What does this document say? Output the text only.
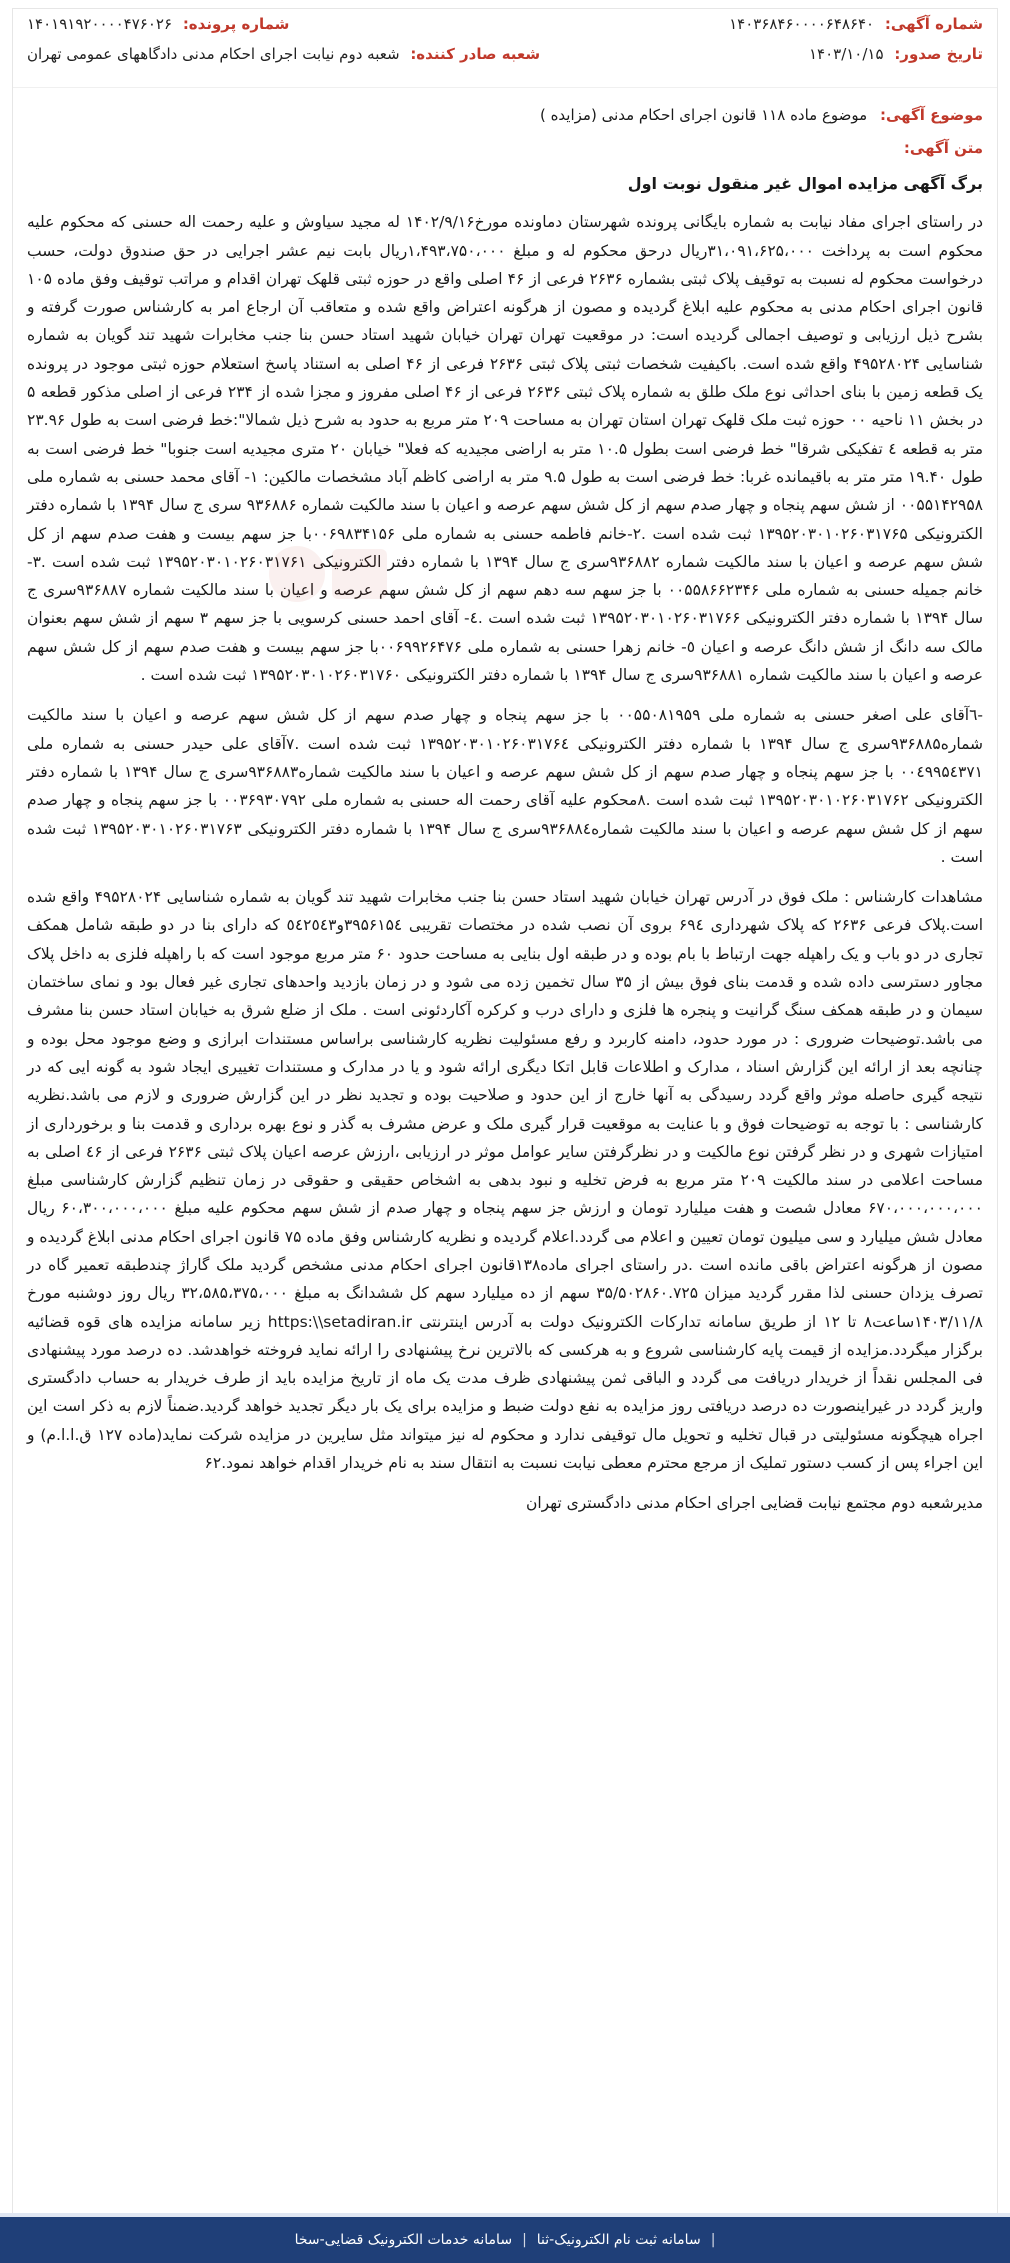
شماره آگهی: ۱۴۰۳۶۸۴۶۰۰۰۰۶۴۸۶۴۰
شماره پرونده: ۱۴۰۱۹۱۹۲۰۰۰۰۴۷۶۰۲۶
تاریخ صدور: ۱۴۰۳/۱۰/۱۵
شعبه صادر کننده: شعبه دوم نیابت اجرای احکام مدنی دادگاههای عمومی تهران
موضوع آگهی: موضوع ماده ۱۱۸ قانون اجرای احکام مدنی (مزایده )
متن آگهی:
برگ آگهی مزایده اموال غیر منقول نوبت اول

در راستای اجرای مفاد نیابت به شماره بایگانی پرونده شهرستان دماونده مورخ۱۴۰۲/۹/۱۶ له مجید سیاوش و علیه رحمت اله حسنی که محکوم علیه محکوم است به پرداخت ۳۱،۰۹۱،۶۲۵،۰۰۰ریال درحق محکوم له و مبلغ ۱،۴۹۳،۷۵۰،۰۰۰ریال بابت نیم عشر اجرایی در حق صندوق دولت، حسب درخواست محکوم له نسبت به توقیف پلاک ثبتی بشماره ۲۶۳۶ فرعی از ۴۶ اصلی واقع در حوزه ثبتی قلهک تهران اقدام و مراتب توقیف وفق ماده ۱۰۵ قانون اجرای احکام مدنی به محکوم علیه ابلاغ گردیده و مصون از هرگونه اعتراض واقع شده و متعاقب آن ارجاع امر به کارشناس صورت گرفته و بشرح ذیل ارزیابی و توصیف اجمالی گردیده است: در موقعیت تهران تهران خیابان شهید استاد حسن بنا جنب مخابرات شهید تند گویان به شماره شناسایی ۴۹۵۲۸۰۲۴ واقع شده است. باکیفیت شخصات ثبتی پلاک ثبتی ۲۶۳۶ فرعی از ۴۶ اصلی به استناد پاسخ استعلام حوزه ثبتی موجود در پرونده یک قطعه زمین با بنای احداثی نوع ملک طلق به شماره پلاک ثبتی ۲۶۳۶ فرعی از ۴۶ اصلی مفروز و مجزا شده از ۲۳۴ فرعی از اصلی مذکور قطعه ۵ در بخش ۱۱ ناحیه ۰۰ حوزه ثبت ملک قلهک تهران استان تهران به مساحت ۲۰۹ متر مربع به حدود به شرح ذیل شمالا":خط فرضی است به طول ۲۳.۹۶ متر به قطعه ٤ تفکیکی شرقا" خط فرضی است بطول ۱۰.۵ متر به اراضی مجیدیه که فعلا" خیابان ۲۰ متری مجیدیه است جنوبا" خط فرضی است به طول ۱۹.۴۰ متر متر به باقیمانده غربا: خط فرضی است به طول ۹.۵ متر به اراضی کاظم آباد مشخصات مالکین: ۱- آقای محمد حسنی به شماره ملی ۰۰۵۵۱۴۲۹۵۸ از شش سهم پنجاه و چهار صدم سهم از کل شش سهم عرصه و اعیان با سند مالکیت شماره ۹۳۶۸۸۶ سری ج سال ۱۳۹۴ با شماره دفتر الکترونیکی ۱۳۹۵۲۰۳۰۱۰۲۶۰۳۱۷۶۵ ثبت شده است .۲-خانم فاطمه حسنی به شماره ملی ۰۰۶۹۸۳۴۱۵۶با جز سهم بیست و هفت صدم سهم از کل شش سهم عرصه و اعیان با سند مالکیت شماره ۹۳۶۸۸۲سری ج سال ۱۳۹۴ با شماره دفتر الکترونیکی ۱۳۹۵۲۰۳۰۱۰۲۶۰۳۱۷۶۱ ثبت شده است .۳- خانم جمیله حسنی به شماره ملی ۰۰۵۵۸۶۶۲۳۴۶ با جز سهم سه دهم سهم از کل شش سهم عرصه و اعیان با سند مالکیت شماره ۹۳۶۸۸۷سری ج سال ۱۳۹۴ با شماره دفتر الکترونیکی ۱۳۹۵۲۰۳۰۱۰۲۶۰۳۱۷۶۶ ثبت شده است .٤- آقای احمد حسنی کرسویی با جز سهم ۳ سهم از شش سهم بعنوان مالک سه دانگ از شش دانگ عرصه و اعیان ٥- خانم زهرا حسنی به شماره ملی ۰۰۶۹۹۲۶۴۷۶با جز سهم بیست و هفت صدم سهم از کل شش سهم عرصه و اعیان با سند مالکیت شماره ۹۳۶۸۸۱سری ج سال ۱۳۹۴ با شماره دفتر الکترونیکی ۱۳۹۵۲۰۳۰۱۰۲۶۰۳۱۷۶۰ ثبت شده است .

-٦آقای علی اصغر حسنی به شماره ملی ۰۰۵۵۰۸۱۹۵۹ با جز سهم پنجاه و چهار صدم سهم از کل شش سهم عرصه و اعیان با سند مالکیت شماره۹۳۶۸۸۵سری ج سال ۱۳۹۴ با شماره دفتر الکترونیکی ۱۳۹۵۲۰۳۰۱۰۲۶۰۳۱۷۶٤ ثبت شده است .۷آقای علی حیدر حسنی به شماره ملی ۰۰٤۹۹۵٤۳۷۱ با جز سهم پنجاه و چهار صدم سهم از کل شش سهم عرصه و اعیان با سند مالکیت شماره۹۳۶۸۸۳سری ج سال ۱۳۹۴ با شماره دفتر الکترونیکی ۱۳۹۵۲۰۳۰۱۰۲۶۰۳۱۷۶۲ ثبت شده است .۸محکوم علیه آقای رحمت اله حسنی به شماره ملی ۰۰۳۶۹۳۰۷۹۲ با جز سهم پنجاه و چهار صدم سهم از کل شش سهم عرصه و اعیان با سند مالکیت شماره۹۳۶۸۸٤سری ج سال ۱۳۹۴ با شماره دفتر الکترونیکی ۱۳۹۵۲۰۳۰۱۰۲۶۰۳۱۷۶۳ ثبت شده است .

مشاهدات کارشناس : ملک فوق در آدرس تهران خیابان شهید استاد حسن بنا جنب مخابرات شهید تند گویان به شماره شناسایی ۴۹۵۲۸۰۲۴ واقع شده است.پلاک فرعی ۲۶۳۶ که پلاک شهرداری ۶۹٤ بروی آن نصب شده در مختصات تقریبی ۳۹۵۶۱۵٤و٥٤٢٥٤۳ که دارای بنا در دو طبقه شامل همکف تجاری در دو باب و یک راهپله جهت ارتباط با بام بوده و در طبقه اول بنایی به مساحت حدود ۶۰ متر مربع موجود است که با راهپله فلزی به داخل پلاک مجاور دسترسی داده شده و قدمت بنای فوق بیش از ۳۵ سال تخمین زده می شود و در زمان بازدید واحدهای تجاری غیر فعال بود و نمای ساختمان سیمان و در طبقه همکف سنگ گرانیت و پنجره ها فلزی و دارای درب و کرکره آکاردئونی است . ملک از ضلع شرق به خیابان استاد حسن بنا مشرف می باشد.توضیحات ضروری : در مورد حدود، دامنه کاربرد و رفع مسئولیت نظریه کارشناسی براساس مستندات ابرازی و وضع موجود محل بوده و چنانچه بعد از ارائه این گزارش اسناد ، مدارک و اطلاعات قابل اتکا دیگری ارائه شود و یا در مدارک و مستندات تغییری ایجاد شود به گونه ایی که در نتیجه گیری حاصله موثر واقع گردد رسیدگی به آنها خارج از این حدود و صلاحیت بوده و تجدید نظر در این گزارش ضروری و لازم می باشد.نظریه کارشناسی : با توجه به توضیحات فوق و با عنایت به موقعیت قرار گیری ملک و عرض مشرف به گذر و نوع بهره برداری و قدمت بنا و برخورداری از امتیازات شهری و در نظر گرفتن نوع مالکیت و در نظرگرفتن سایر عوامل موثر در ارزیابی ،ارزش عرصه اعیان پلاک ثبتی ۲۶۳۶ فرعی از ٤۶ اصلی به مساحت اعلامی در سند مالکیت ۲۰۹ متر مربع به فرض تخلیه و نبود بدهی به اشخاص حقیقی و حقوقی در زمان تنظیم گزارش کارشناسی مبلغ ۶۷۰،۰۰۰،۰۰۰،۰۰۰ معادل شصت و هفت میلیارد تومان و ارزش جز سهم پنجاه و چهار صدم از شش سهم محکوم علیه مبلغ ۶۰،۳۰۰،۰۰۰،۰۰۰ ریال معادل شش میلیارد و سی میلیون تومان تعیین و اعلام می گردد.اعلام گردیده و نظریه کارشناس وفق ماده ۷۵ قانون اجرای احکام مدنی ابلاغ گردیده و مصون از هرگونه اعتراض باقی مانده است .در راستای اجرای ماده۱۳۸قانون اجرای احکام مدنی مشخص گردید ملک گاراژ چندطبقه تعمیر گاه در تصرف یزدان حسنی لذا مقرر گردید میزان ۳۵/۵۰۲۸۶۰.۷۲۵ سهم از ده میلیارد سهم کل ششدانگ به مبلغ ۳۲،۵۸۵،۳۷۵،۰۰۰ ریال روز دوشنبه مورخ ۱۴۰۳/۱۱/۸ساعت۸ تا ۱۲ از طریق سامانه تدارکات الکترونیک دولت به آدرس اینترنتی https:\\setadiran.ir زیر سامانه مزایده های قوه قضائیه برگزار میگردد.مزایده از قیمت پایه کارشناسی شروع و به هرکسی که بالاترین نرخ پیشنهادی را ارائه نماید فروخته خواهدشد. ده درصد مورد پیشنهادی فی المجلس نقداً از خریدار دریافت می گردد و الباقی ثمن پیشنهادی ظرف مدت یک ماه از تاریخ مزایده باید از طرف خریدار به حساب دادگستری واریز گردد در غیراینصورت ده درصد دریافتی روز مزایده به نفع دولت ضبط و مزایده برای یک بار دیگر تجدید خواهد گردید.ضمناً لازم به ذکر است این اجراه هیچگونه مسئولیتی در قبال تخلیه و تحویل مال توقیفی ندارد و محکوم له نیز میتواند مثل سایرین در مزایده شرکت نماید(ماده ۱۲۷ ق.ا.ا.م) و این اجراء پس از کسب دستور تملیک از مرجع محترم معطی نیابت نسبت به انتقال سند به نام خریدار اقدام خواهد نمود.۶۲

مدیرشعبه دوم مجتمع نیابت قضایی اجرای احکام مدنی دادگستری تهران
|
سامانه ثبت نام الکترونیک-ثنا
|
سامانه خدمات الکترونیک قضایی-سخا
